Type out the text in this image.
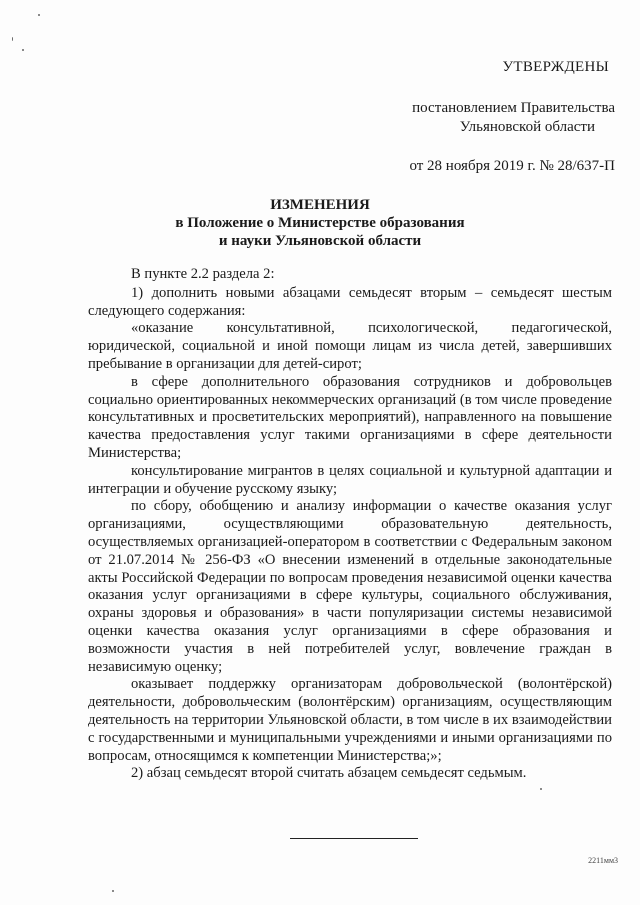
УТВЕРЖДЕНЫ
постановлением Правительства
Ульяновской области
от 28 ноября 2019 г. № 28/637-П
ИЗМЕНЕНИЯ
в Положение о Министерстве образования
и науки Ульяновской области

В пункте 2.2 раздела 2:

1) дополнить новыми абзацами семьдесят вторым – семьдесят шестым следующего содержания:

«оказание консультативной, психологической, педагогической, юридической, социальной и иной помощи лицам из числа детей, завершивших пребывание в организации для детей-сирот;

в сфере дополнительного образования сотрудников и добровольцев социально ориентированных некоммерческих организаций (в том числе проведение консультативных и просветительских мероприятий), направленного на повышение качества предоставления услуг такими организациями в сфере деятельности Министерства;

консультирование мигрантов в целях социальной и культурной адаптации и интеграции и обучение русскому языку;

по сбору, обобщению и анализу информации о качестве оказания услуг организациями, осуществляющими образовательную деятельность, осуществляемых организацией-оператором в соответствии с Федеральным законом от 21.07.2014 № 256-ФЗ «О внесении изменений в отдельные законодательные акты Российской Федерации по вопросам проведения независимой оценки качества оказания услуг организациями в сфере культуры, социального обслуживания, охраны здоровья и образования» в части популяризации системы независимой оценки качества оказания услуг организациями в сфере образования и возможности участия в ней потребителей услуг, вовлечение граждан в независимую оценку;

оказывает поддержку организаторам добровольческой (волонтёрской) деятельности, добровольческим (волонтёрским) организациям, осуществляющим деятельность на территории Ульяновской области, в том числе в их взаимодействии с государственными и муниципальными учреждениями и иными организациями по вопросам, относящимся к компетенции Министерства;»;

2) абзац семьдесят второй считать абзацем семьдесят седьмым.

2211мм3
